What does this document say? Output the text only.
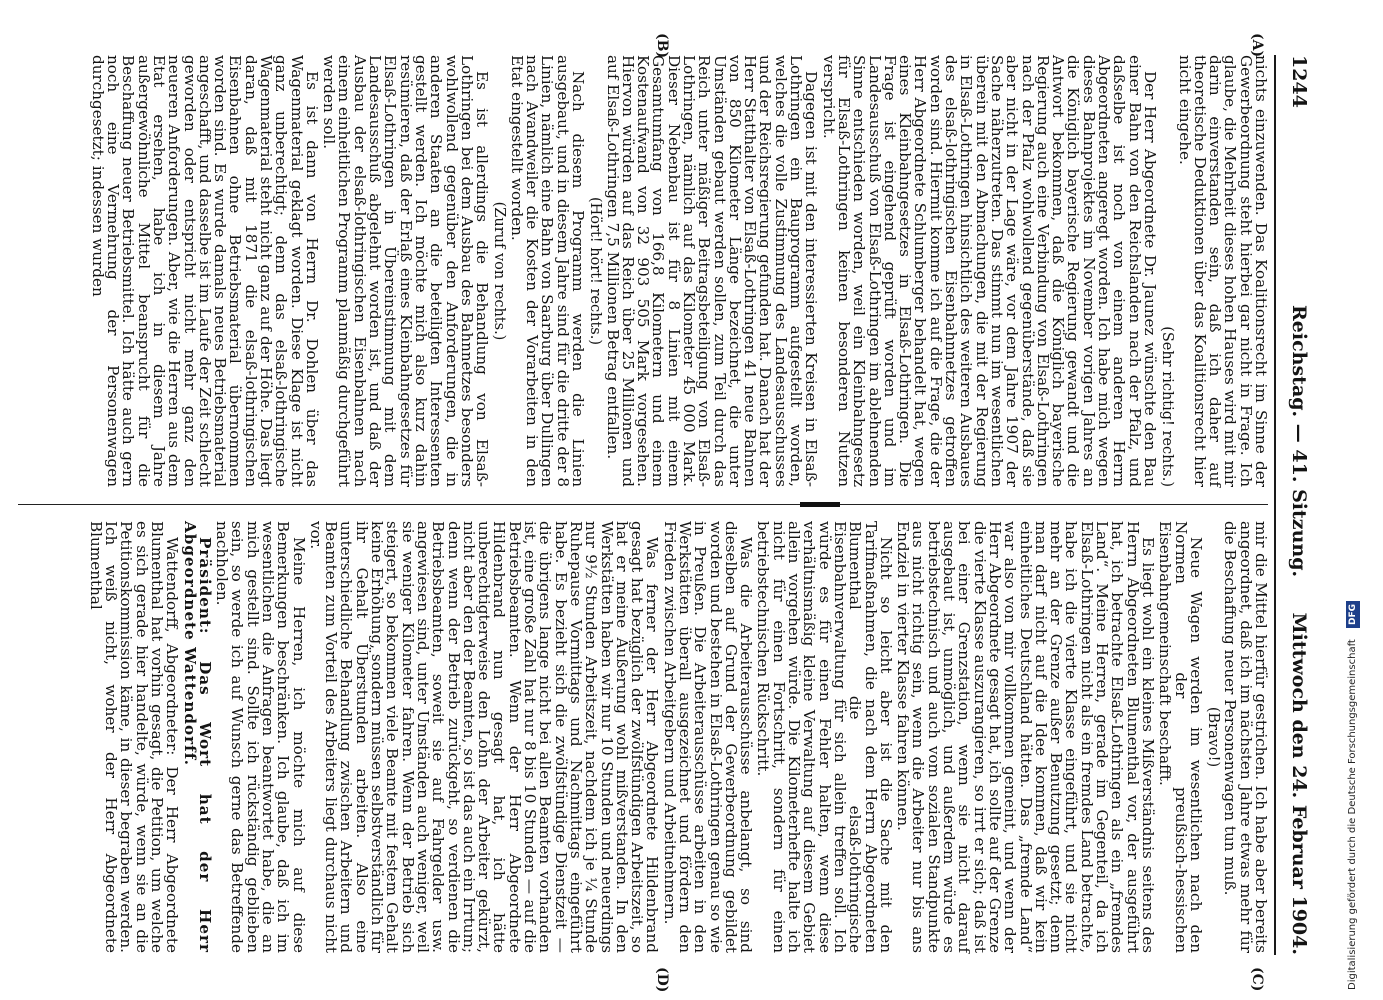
1244
Reichstag. — 41. Sitzung.
Mittwoch den 24. Februar 1904.
(A)
(B)
(C)
(D)

nichts einzuwenden. Das Koalitionsrecht im Sinne der Gewerbeordnung steht hierbei gar nicht in Frage. Ich glaube, die Mehrheit dieses hohen Hauses wird mit mir darin einverstanden sein, daß ich daher auf theoretische Deduktionen über das Koalitionsrecht hier nicht eingehe.

(Sehr richtig! rechts.)

Der Herr Abgeordnete Dr. Jaunez wünschte den Bau einer Bahn von den Reichslanden nach der Pfalz, und daßselbe ist noch von einem anderen Herrn Abgeordneten angeregt worden. Ich habe mich wegen dieses Bahnprojektes im November vorigen Jahres an die Königlich bayerische Regierung gewandt und die Antwort bekommen, daß die Königlich bayerische Regierung auch eine Verbindung von Elsaß-Lothringen nach der Pfalz wohlwollend gegenüberstände, daß sie aber nicht in der Lage wäre, vor dem Jahre 1907 der Sache näherzutreten. Das stimmt nun im wesentlichen überein mit den Abmachungen, die mit der Regierung in Elsaß-Lothringen hinsichtlich des weiteren Ausbaues des elsaß-lothringischen Eisenbahnnetzes getroffen worden sind. Hiermit komme ich auf die Frage, die der Herr Abgeordnete Schlumberger behandelt hat, wegen eines Kleinbahngesetzes in Elsaß-Lothringen. Die Frage ist eingehend geprüft worden und im Landesausschuß von Elsaß-Lothringen im ablehnenden Sinne entschieden worden, weil ein Kleinbahngesetz für Elsaß-Lothringen keinen besonderen Nutzen verspricht.

Dagegen ist mit den interessierten Kreisen in Elsaß-Lothringen ein Bauprogramm aufgestellt worden, welches die volle Zustimmung des Landesausschusses und der Reichsregierung gefunden hat. Danach hat der Herr Statthalter von Elsaß-Lothringen 41 neue Bahnen von 850 Kilometer Länge bezeichnet, die unter Umständen gebaut werden sollen, zum Teil durch das Reich unter mäßiger Beitragsbeteiligung von Elsaß-Lothringen, nämlich auf das Kilometer 45 000 Mark. Dieser Nebenbau ist für 8 Linien mit einem Gesamtumfang von 166,8 Kilometern und einem Kostenaufwand von 32 903 505 Mark vorgesehen. Hiervon würden auf das Reich über 25 Millionen und auf Elsaß-Lothringen 7,5 Millionen Betrag entfallen.

(Hört! hört! rechts.)

Nach diesem Programm werden die Linien ausgebaut, und in diesem Jahre sind für die dritte der 8 Linien, nämlich eine Bahn von Saarburg über Dullingen nach Avandweiler die Kosten der Vorarbeiten in den Etat eingestellt worden.

(Zuruf von rechts.)

Es ist allerdings die Behandlung von Elsaß-Lothringen bei dem Ausbau des Bahnnetzes besonders wohlwollend gegenüber den Anforderungen, die in anderen Staaten an die beteiligten Interessenten gestellt werden. Ich möchte mich also kurz dahin resümieren, daß der Erlaß eines Kleinbahngesetzes für Elsaß-Lothringen in Übereinstimmung mit dem Landesausschuß abgelehnt worden ist, und daß der Ausbau der elsaß-lothringischen Eisenbahnen nach einem einheitlichen Programm planmäßig durchgeführt werden soll.

Es ist dann von Herrn Dr. Dohlen über das Wagenmaterial geklagt worden. Diese Klage ist nicht ganz unberechtigt; denn das elsaß-lothringische Wagenmaterial steht nicht ganz auf der Höhe. Das liegt daran, daß mit 1871 die elsaß-lothringischen Eisenbahnen ohne Betriebsmaterial übernommen worden sind. Es wurde damals neues Betriebsmaterial angeschafft, und dasselbe ist im Laufe der Zeit schlecht geworden oder entspricht nicht mehr ganz den neueren Anforderungen. Aber, wie die Herren aus dem Etat ersehen, habe ich in diesem Jahre außergewöhnliche Mittel beansprucht für die Beschaffung neuer Betriebsmittel. Ich hätte auch gern noch eine Vermehrung der Personenwagen durchgesetzt; indessen wurden

mir die Mittel hierfür gestrichen. Ich habe aber bereits angeordnet, daß ich im nächsten Jahre etwas mehr für die Beschaffung neuer Personenwagen tun muß.

(Bravo!)

Neue Wagen werden im wesentlichen nach den Normen der preußisch-hessischen Eisenbahngemeinschaft beschafft.

Es liegt wohl ein kleines Mißverständnis seitens des Herrn Abgeordneten Blumenthal vor, der ausgeführt hat, ich betrachte Elsaß-Lothringen als ein „fremdes Land“. Meine Herren, gerade im Gegenteil, da ich Elsaß-Lothringen nicht als ein fremdes Land betrachte, habe ich die vierte Klasse eingeführt, und sie nicht mehr an der Grenze außer Benutzung gesetzt; denn man darf nicht auf die Idee kommen, daß wir kein einheitliches Deutschland hätten. Das „fremde Land“ war also von mir vollkommen gemeint, und wenn der Herr Abgeordnete gesagt hat, ich sollte auf der Grenze die vierte Klasse auszurangieren, so irrt er sich; daß ist bei einer Grenzstation, wenn sie nicht darauf ausgebaut ist, unmöglich, und außerdem würde es betriebstechnisch und auch vom sozialen Standpunkte aus nicht richtig sein, wenn die Arbeiter nur bis ans Endziel in vierter Klasse fahren können.

Nicht so leicht aber ist die Sache mit den Tarifmaßnahmen, die nach dem Herrn Abgeordneten Blumenthal die elsaß-lothringische Eisenbahnverwaltung für sich allein treffen soll. Ich würde es für einen Fehler halten, wenn diese verhältnismäßig kleine Verwaltung auf diesem Gebiet allein vorgehen würde. Die Kilometerhefte halte ich nicht für einen Fortschritt, sondern für einen betriebstechnischen Rückschritt.

Was die Arbeiterausschüsse anbelangt, so sind dieselben auf Grund der Gewerbeordnung gebildet worden und bestehen in Elsaß-Lothringen genau so wie in Preußen. Die Arbeiterausschüsse arbeiten in den Werkstätten überall ausgezeichnet und fördern den Frieden zwischen Arbeitgebern und Arbeitnehmern.

Was ferner der Herr Abgeordnete Hildenbrand gesagt hat bezüglich der zwölfstündigen Arbeitszeit, so hat er meine Äußerung wohl mißverstanden. In den Werkstätten haben wir nur 10 Stunden und neuerdings nur 9½ Stunden Arbeitszeit, nachdem ich je ¼ Stunde Ruhepause Vormittags und Nachmittags eingeführt habe. Es bezieht sich die zwölfstündige Dienstzeit — die übrigens lange nicht bei allen Beamten vorhanden ist, eine große Zahl hat nur 8 bis 10 Stunden — auf die Betriebsbeamten. Wenn der Herr Abgeordnete Hildenbrand nun gesagt hat, ich hätte unberechtigterweise den Lohn der Arbeiter gekürzt, nicht aber den der Beamten, so ist das auch ein Irrtum; denn wenn der Betrieb zurückgeht, so verdienen die Betriebsbeamten, soweit sie auf Fahrgelder usw. angewiesen sind, unter Umständen auch weniger, weil sie weniger Kilometer fahren. Wenn der Betrieb sich steigert, so bekommen viele Beamte mit festem Gehalt keine Erhöhung, sondern müssen selbstverständlich für ihr Gehalt Überstunden arbeiten. Also eine unterschiedliche Behandlung zwischen Arbeitern und Beamten zum Vorteil des Arbeiters liegt durchaus nicht vor.

Meine Herren, ich möchte mich auf diese Bemerkungen beschränken. Ich glaube, daß ich im wesentlichen die Anfragen beantwortet habe, die an mich gestellt sind. Sollte ich rückständig geblieben sein, so werde ich auf Wunsch gerne das Betreffende nachholen.

Präsident: Das Wort hat der Herr Abgeordnete Wattendorff.

Wattendorff, Abgeordneter: Der Herr Abgeordnete Blumenthal hat vorhin gesagt, die Petition, um welche es sich gerade hier handelte, würde, wenn sie an die Petitionskommission käme, in dieser begraben werden. Ich weiß nicht, woher der Herr Abgeordnete Blumenthal

Digitalisierung gefördert durch die Deutsche Forschungsgemeinschaft DFG
